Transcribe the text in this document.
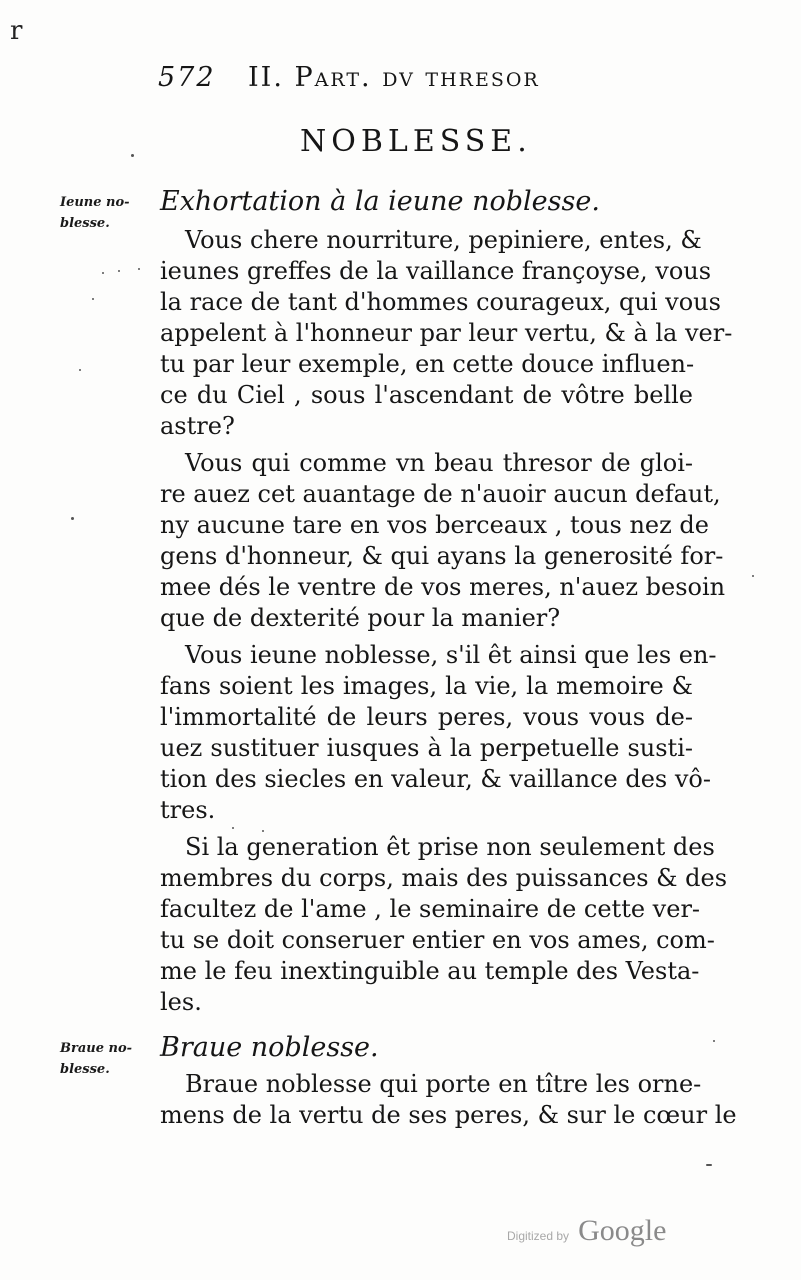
r
572 II. Part. dv thresor
NOBLESSE.
Ieune no-
blesse.
Exhortation à la ieune noblesse.
Vous chere nourriture, pepiniere, entes, &
ieunes greffes de la vaillance françoyse, vous
la race de tant d'hommes courageux, qui vous
appelent à l'honneur par leur vertu, & à la ver-
tu par leur exemple, en cette douce influen-
ce du Ciel , sous l'ascendant de vôtre belle
astre?
Vous qui comme vn beau thresor de gloi-
re auez cet auantage de n'auoir aucun defaut,
ny aucune tare en vos berceaux , tous nez de
gens d'honneur, & qui ayans la generosité for-
mee dés le ventre de vos meres, n'auez besoin
que de dexterité pour la manier?
Vous ieune noblesse, s'il êt ainsi que les en-
fans soient les images, la vie, la memoire &
l'immortalité de leurs peres, vous vous de-
uez sustituer iusques à la perpetuelle susti-
tion des siecles en valeur, & vaillance des vô-
tres.
Si la generation êt prise non seulement des
membres du corps, mais des puissances & des
facultez de l'ame , le seminaire de cette ver-
tu se doit conseruer entier en vos ames, com-
me le feu inextinguible au temple des Vesta-
les.
Braue no-
blesse.
Braue noblesse.
Braue noblesse qui porte en tître les orne-
mens de la vertu de ses peres, & sur le cœur le
Digitized by Google
